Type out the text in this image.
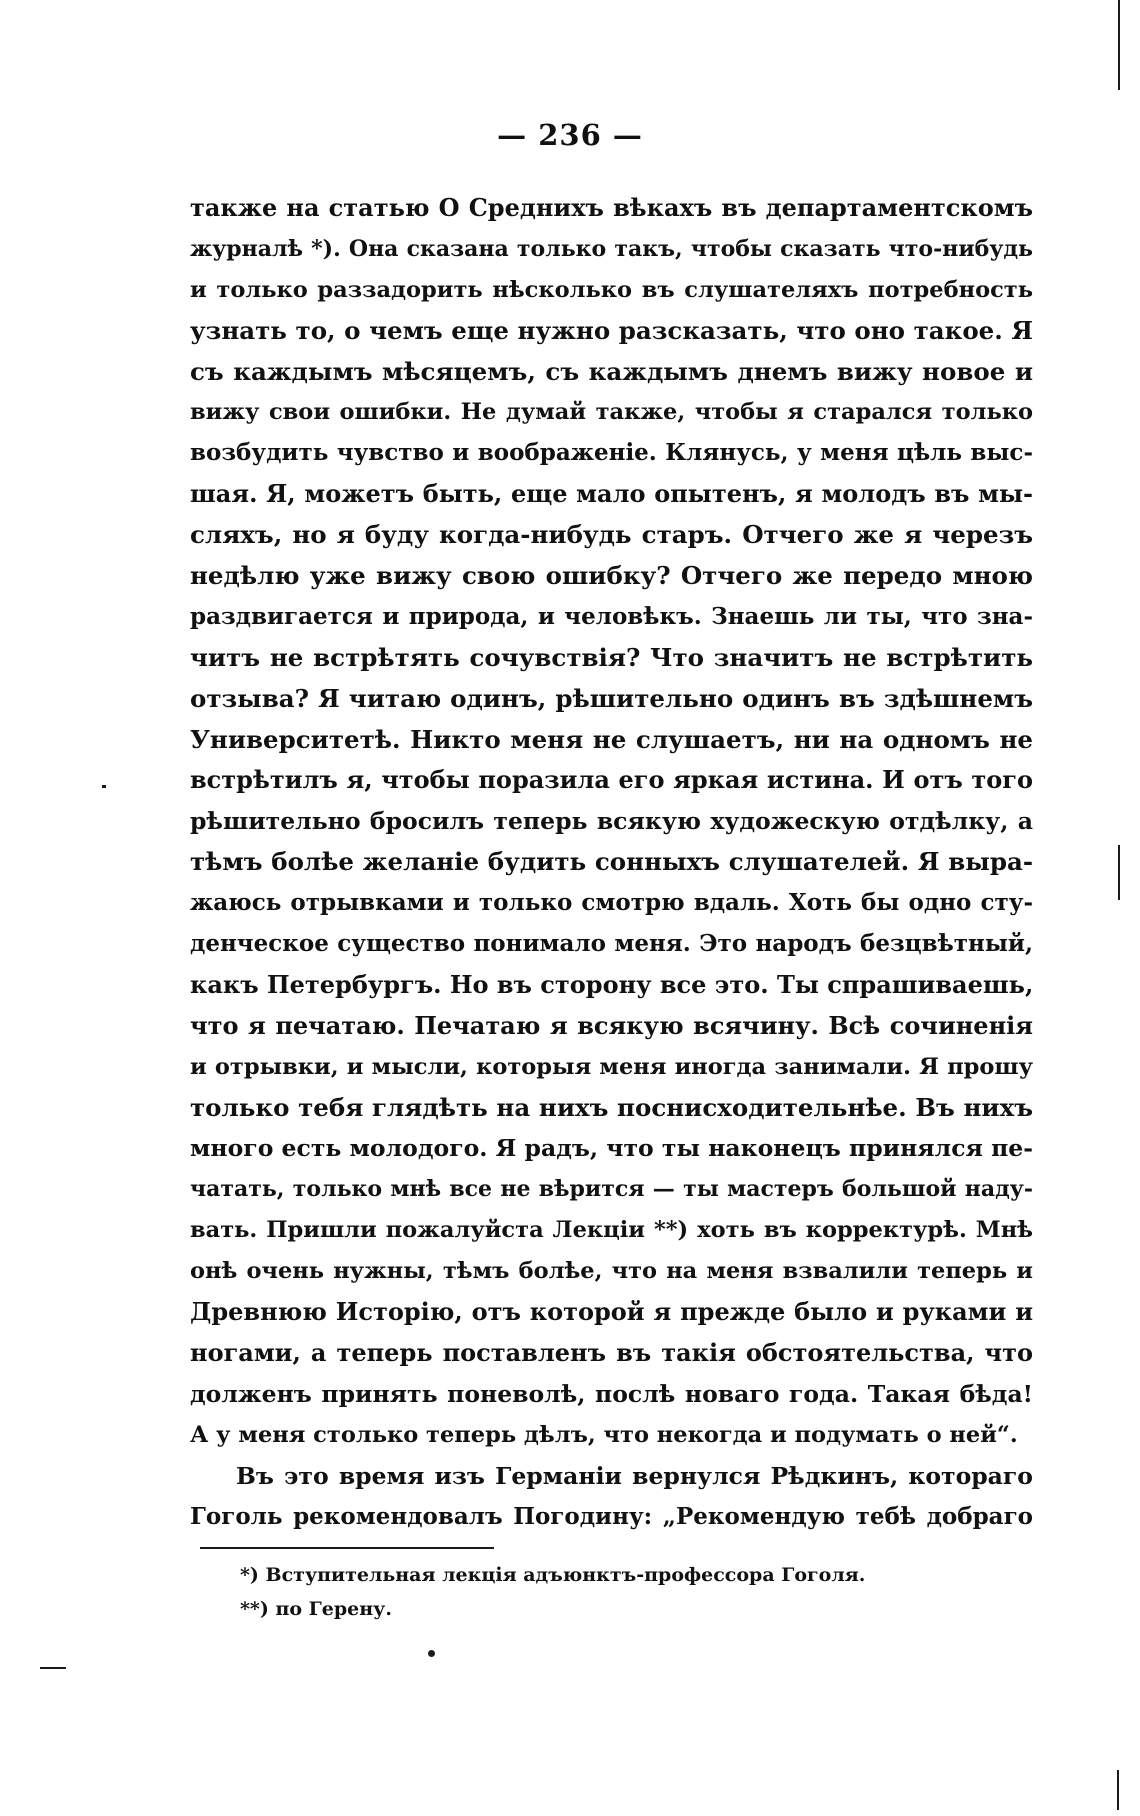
— 236 —
также на статью О Среднихъ вѣкахъ въ департаментскомъ
журналѣ *). Она сказана только такъ, чтобы сказать что-нибудь
и только раззадорить нѣсколько въ слушателяхъ потребность
узнать то, о чемъ еще нужно разсказать, что оно такое. Я
съ каждымъ мѣсяцемъ, съ каждымъ днемъ вижу новое и
вижу свои ошибки. Не думай также, чтобы я старался только
возбудить чувство и воображеніе. Клянусь, у меня цѣль выс-
шая. Я, можетъ быть, еще мало опытенъ, я молодъ въ мы-
сляхъ, но я буду когда-нибудь старъ. Отчего же я черезъ
недѣлю уже вижу свою ошибку? Отчего же передо мною
раздвигается и природа, и человѣкъ. Знаешь ли ты, что зна-
читъ не встрѣтять сочувствія? Что значитъ не встрѣтить
отзыва? Я читаю одинъ, рѣшительно одинъ въ здѣшнемъ
Университетѣ. Никто меня не слушаетъ, ни на одномъ не
встрѣтилъ я, чтобы поразила его яркая истина. И отъ того
рѣшительно бросилъ теперь всякую художескую отдѣлку, а
тѣмъ болѣе желаніе будить сонныхъ слушателей. Я выра-
жаюсь отрывками и только смотрю вдаль. Хоть бы одно сту-
денческое существо понимало меня. Это народъ безцвѣтный,
какъ Петербургъ. Но въ сторону все это. Ты спрашиваешь,
что я печатаю. Печатаю я всякую всячину. Всѣ сочиненія
и отрывки, и мысли, которыя меня иногда занимали. Я прошу
только тебя глядѣть на нихъ поснисходительнѣе. Въ нихъ
много есть молодого. Я радъ, что ты наконецъ принялся пе-
чатать, только мнѣ все не вѣрится — ты мастеръ большой наду-
вать. Пришли пожалуйста Лекціи **) хоть въ корректурѣ. Мнѣ
онѣ очень нужны, тѣмъ болѣе, что на меня взвалили теперь и
Древнюю Исторію, отъ которой я прежде было и руками и
ногами, а теперь поставленъ въ такія обстоятельства, что
долженъ принять поневолѣ, послѣ новаго года. Такая бѣда!
А у меня столько теперь дѣлъ, что некогда и подумать о ней“.
Въ это время изъ Германіи вернулся Рѣдкинъ, котораго
Гоголь рекомендовалъ Погодину: „Рекомендую тебѣ добраго
*) Вступительная лекція адъюнктъ-профессора Гоголя.
**) по Герену.
